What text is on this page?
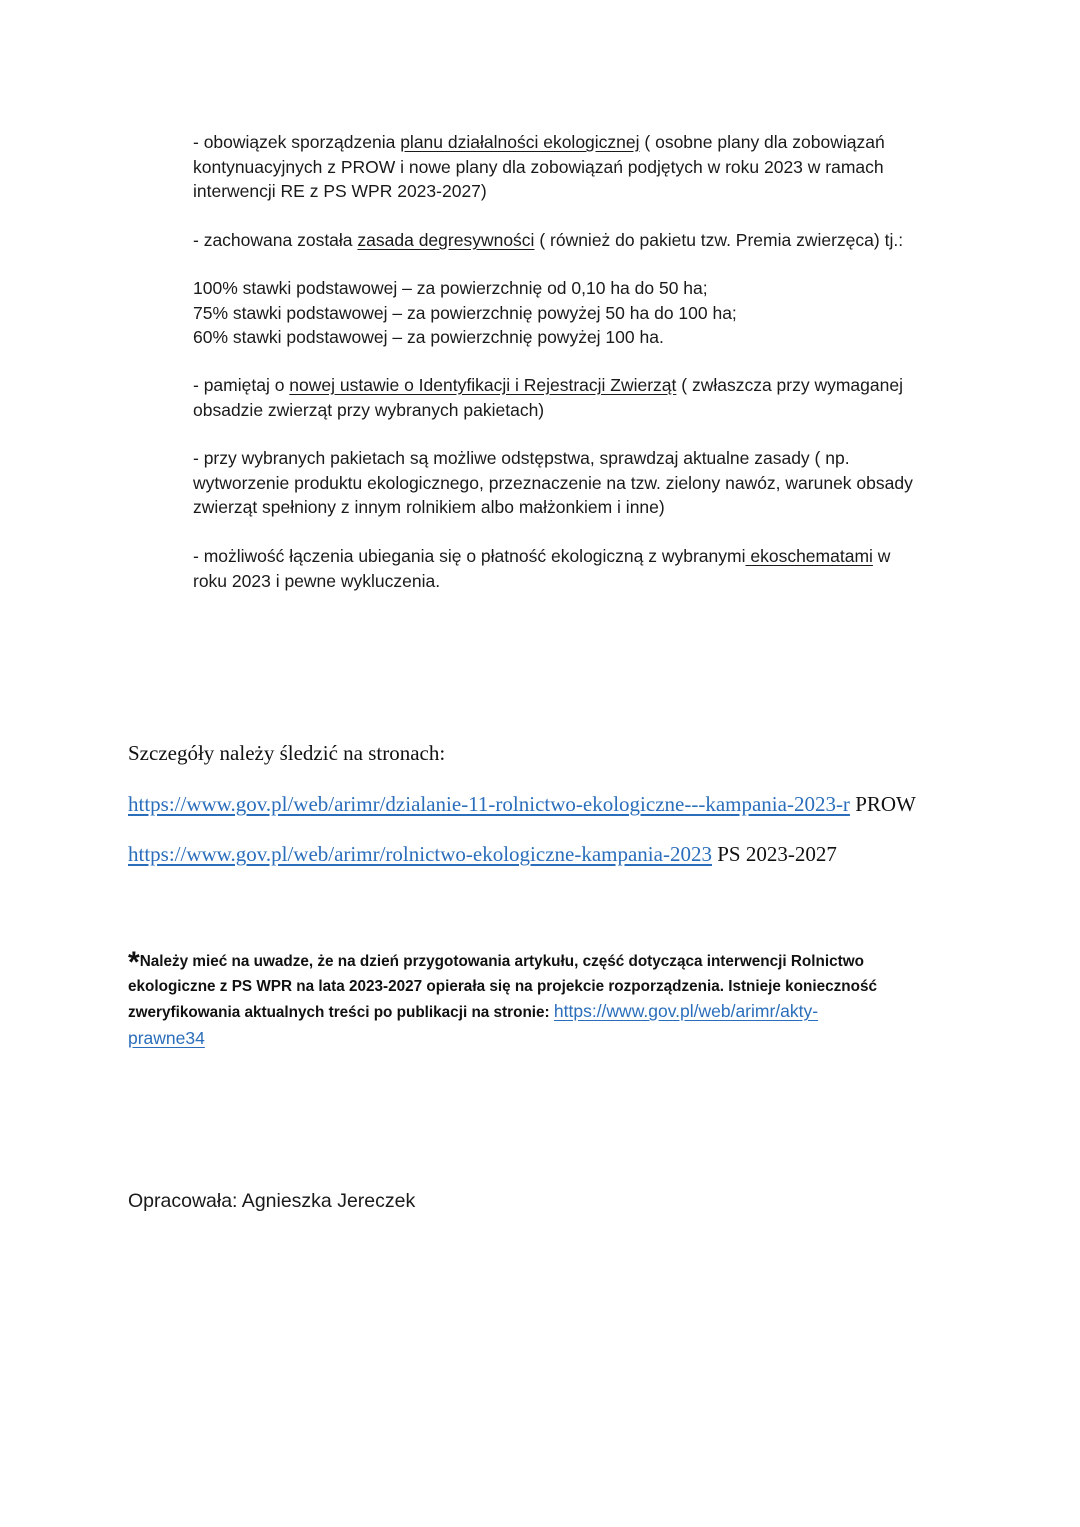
- obowiązek sporządzenia planu działalności ekologicznej ( osobne plany dla zobowiązań

kontynuacyjnych z PROW i nowe plany dla zobowiązań podjętych w roku 2023 w ramach

interwencji RE z PS WPR 2023-2027)

- zachowana została zasada degresywności ( również do pakietu tzw. Premia zwierzęca) tj.:

100% stawki podstawowej – za powierzchnię od 0,10 ha do 50 ha;

75% stawki podstawowej – za powierzchnię powyżej 50 ha do 100 ha;

60% stawki podstawowej – za powierzchnię powyżej 100 ha.

- pamiętaj o nowej ustawie o Identyfikacji i Rejestracji Zwierząt ( zwłaszcza przy wymaganej

obsadzie zwierząt przy wybranych pakietach)

- przy wybranych pakietach są możliwe odstępstwa, sprawdzaj aktualne zasady ( np.

wytworzenie produktu ekologicznego, przeznaczenie na tzw. zielony nawóz, warunek obsady

zwierząt spełniony z innym rolnikiem albo małżonkiem i inne)

- możliwość łączenia ubiegania się o płatność ekologiczną z wybranymi ekoschematami w

roku 2023 i pewne wykluczenia.

Szczegóły należy śledzić na stronach:
https://www.gov.pl/web/arimr/dzialanie-11-rolnictwo-ekologiczne---kampania-2023-r PROW
https://www.gov.pl/web/arimr/rolnictwo-ekologiczne-kampania-2023 PS 2023-2027

*Należy mieć na uwadze, że na dzień przygotowania artykułu, część dotycząca interwencji Rolnictwo

ekologiczne z PS WPR na lata 2023-2027 opierała się na projekcie rozporządzenia. Istnieje konieczność

zweryfikowania aktualnych treści po publikacji na stronie: https://www.gov.pl/web/arimr/akty-

prawne34

Opracowała: Agnieszka Jereczek
